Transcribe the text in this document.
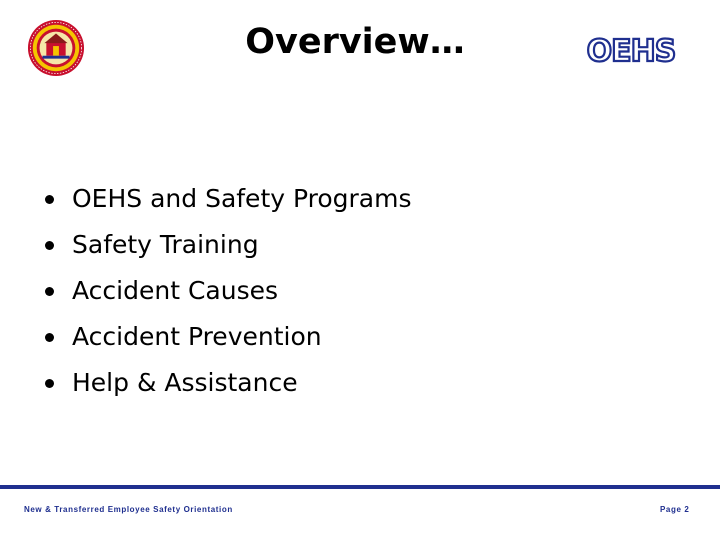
Overview…	OEHS
OEHS and Safety Programs
Safety Training
Accident Causes
Accident Prevention
Help & Assistance
New & Transferred Employee Safety Orientation	Page 2
